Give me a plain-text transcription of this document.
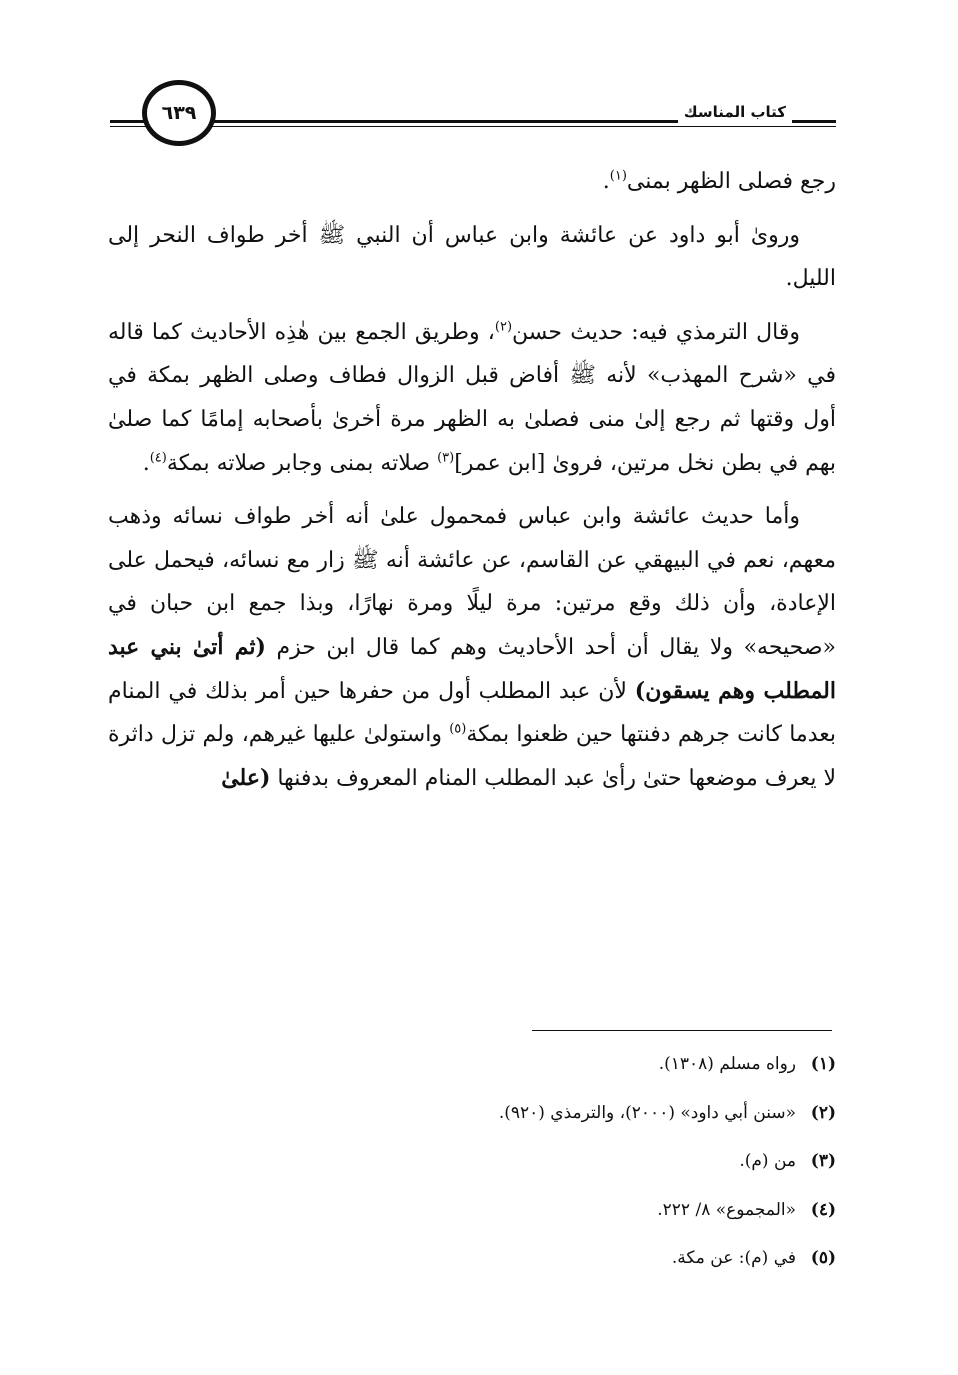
٦٣٩	كتاب المناسك

رجع فصلى الظهر بمنى$^{(١)}$.

وروىٰ أبو داود عن عائشة وابن عباس أن النبي ﷺ أخر طواف النحر إلى الليل.

وقال الترمذي فيه: حديث حسن$^{(٢)}$، وطريق الجمع بين هٰذِه الأحاديث كما قاله في «شرح المهذب» لأنه ﷺ أفاض قبل الزوال فطاف وصلى الظهر بمكة في أول وقتها ثم رجع إلىٰ منى فصلىٰ به الظهر مرة أخرىٰ بأصحابه إمامًا كما صلىٰ بهم في بطن نخل مرتين، فروىٰ [ابن عمر]$^{(٣)}$ صلاته بمنى وجابر صلاته بمكة$^{(٤)}$.

وأما حديث عائشة وابن عباس فمحمول علىٰ أنه أخر طواف نسائه وذهب معهم، نعم في البيهقي عن القاسم، عن عائشة أنه ﷺ زار مع نسائه، فيحمل على الإعادة، وأن ذلك وقع مرتين: مرة ليلًا ومرة نهارًا، وبذا جمع ابن حبان في «صحيحه» ولا يقال أن أحد الأحاديث وهم كما قال ابن حزم (ثم أتىٰ بني عبد المطلب وهم يسقون) لأن عبد المطلب أول من حفرها حين أمر بذلك في المنام بعدما كانت جرهم دفنتها حين ظعنوا بمكة$^{(٥)}$ واستولىٰ عليها غيرهم، ولم تزل داثرة لا يعرف موضعها حتىٰ رأىٰ عبد المطلب المنام المعروف بدفنها (علىٰ

(١)رواه مسلم (١٣٠٨).
(٢)«سنن أبي داود» (٢٠٠٠)، والترمذي (٩٢٠).
(٣)من (م).
(٤)«المجموع» ٨/ ٢٢٢.
(٥)في (م): عن مكة.
